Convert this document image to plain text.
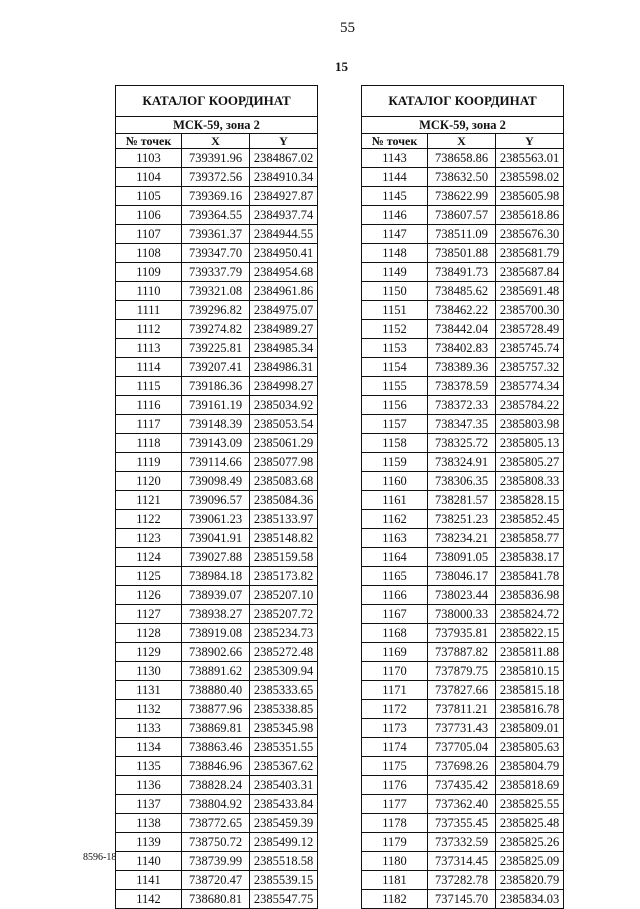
55
15
КАТАЛОГ КООРДИНАТ		
МСК-59, зона 2		
№ точек	X	Y
1103	739391.96	2384867.02
1104	739372.56	2384910.34
1105	739369.16	2384927.87
1106	739364.55	2384937.74
1107	739361.37	2384944.55
1108	739347.70	2384950.41
1109	739337.79	2384954.68
1110	739321.08	2384961.86
1111	739296.82	2384975.07
1112	739274.82	2384989.27
1113	739225.81	2384985.34
1114	739207.41	2384986.31
1115	739186.36	2384998.27
1116	739161.19	2385034.92
1117	739148.39	2385053.54
1118	739143.09	2385061.29
1119	739114.66	2385077.98
1120	739098.49	2385083.68
1121	739096.57	2385084.36
1122	739061.23	2385133.97
1123	739041.91	2385148.82
1124	739027.88	2385159.58
1125	738984.18	2385173.82
1126	738939.07	2385207.10
1127	738938.27	2385207.72
1128	738919.08	2385234.73
1129	738902.66	2385272.48
1130	738891.62	2385309.94
1131	738880.40	2385333.65
1132	738877.96	2385338.85
1133	738869.81	2385345.98
1134	738863.46	2385351.55
1135	738846.96	2385367.62
1136	738828.24	2385403.31
1137	738804.92	2385433.84
1138	738772.65	2385459.39
1139	738750.72	2385499.12
1140	738739.99	2385518.58
1141	738720.47	2385539.15
1142	738680.81	2385547.75
КАТАЛОГ КООРДИНАТ		
МСК-59, зона 2		
№ точек	X	Y
1143	738658.86	2385563.01
1144	738632.50	2385598.02
1145	738622.99	2385605.98
1146	738607.57	2385618.86
1147	738511.09	2385676.30
1148	738501.88	2385681.79
1149	738491.73	2385687.84
1150	738485.62	2385691.48
1151	738462.22	2385700.30
1152	738442.04	2385728.49
1153	738402.83	2385745.74
1154	738389.36	2385757.32
1155	738378.59	2385774.34
1156	738372.33	2385784.22
1157	738347.35	2385803.98
1158	738325.72	2385805.13
1159	738324.91	2385805.27
1160	738306.35	2385808.33
1161	738281.57	2385828.15
1162	738251.23	2385852.45
1163	738234.21	2385858.77
1164	738091.05	2385838.17
1165	738046.17	2385841.78
1166	738023.44	2385836.98
1167	738000.33	2385824.72
1168	737935.81	2385822.15
1169	737887.82	2385811.88
1170	737879.75	2385810.15
1171	737827.66	2385815.18
1172	737811.21	2385816.78
1173	737731.43	2385809.01
1174	737705.04	2385805.63
1175	737698.26	2385804.79
1176	737435.42	2385818.69
1177	737362.40	2385825.55
1178	737355.45	2385825.48
1179	737332.59	2385825.26
1180	737314.45	2385825.09
1181	737282.78	2385820.79
1182	737145.70	2385834.03
8596-18
